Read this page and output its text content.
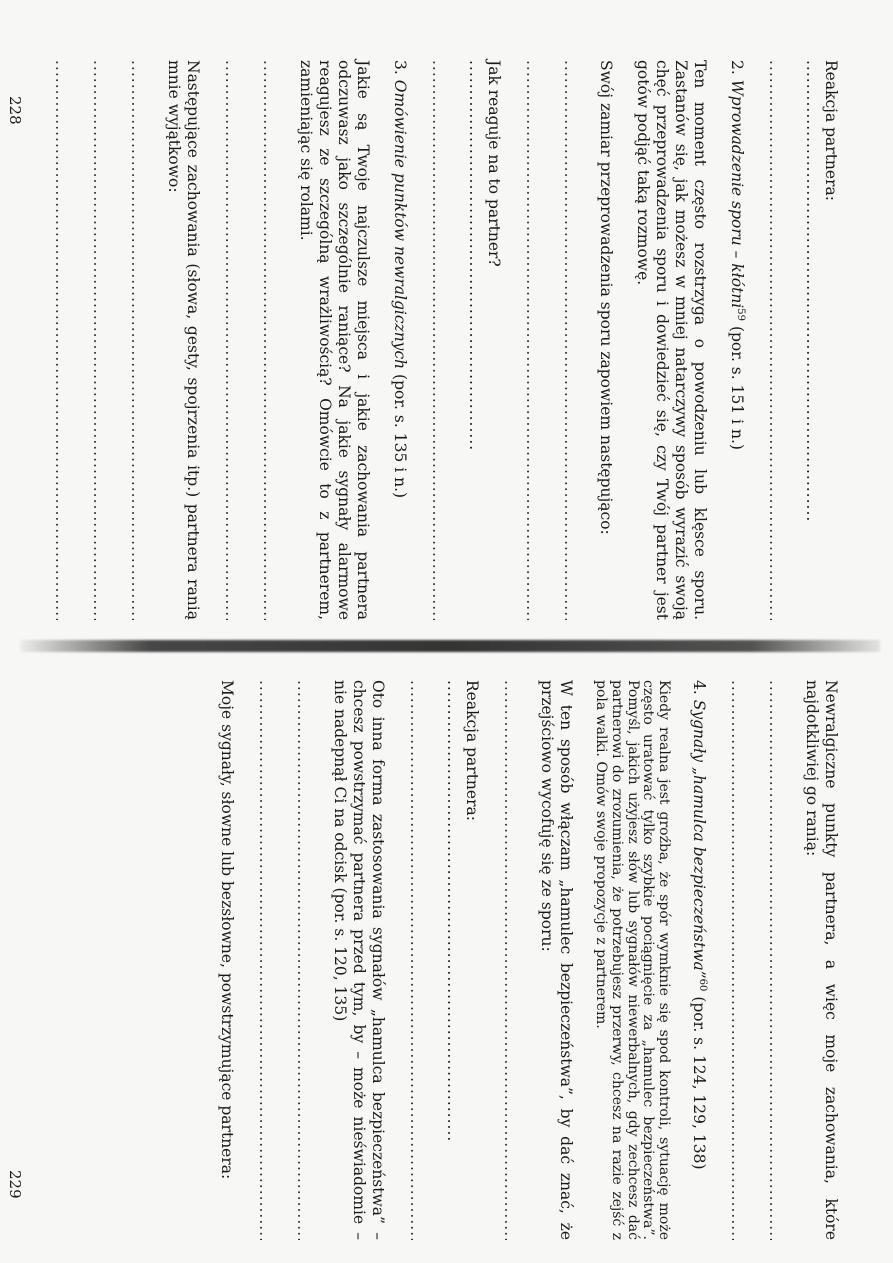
Reakcja partnera: .....
.....
2. Wprowadzenie sporu – kłótni$^{59}$ (por. s. 151 i n.)
Ten moment często rozstrzyga o powodzeniu lub klęsce sporu. Zastanów się, jak możesz w mniej natarczywy sposób wyrazić swoją chęć przeprowadzenia sporu i dowiedzieć się, czy Twój partner jest gotów podjąć taką rozmowę.
Swój zamiar przeprowadzenia sporu zapowiem następująco:
.....
.....
Jak reaguje na to partner? .....
.....
3. Omówienie punktów newralgicznych (por. s. 135 i n.)
Jakie są Twoje najczulsze miejsca i jakie zachowania partnera odczuwasz jako szczególnie raniące? Na jakie sygnały alarmowe reagujesz ze szczególną wrażliwością? Omówcie to z partnerem, zamieniając się rolami.
.....
.....
Następujące zachowania (słowa, gesty, spojrzenia itp.) partnera ranią mnie wyjątkowo:
.....
.....
.....
228
Newralgiczne punkty partnera, a więc moje zachowania, które najdotkliwiej go ranią:
.....
.....
4. Sygnały „hamulca bezpieczeństwa”$^{60}$ (por. s. 124, 129, 138)
Kiedy realna jest groźba, że spór wymknie się spod kontroli, sytuację może często uratować tylko szybkie pociągnięcie za „hamulec bezpieczeństwa”. Pomyśl, jakich użyjesz słów lub sygnałów niewerbalnych, gdy zechcesz dać partnerowi do zrozumienia, że potrzebujesz przerwy, chcesz na razie zejść z pola walki. Omów swoje propozycje z partnerem.
W ten sposób włączam „hamulec bezpieczeństwa”, by dać znać, że przejściowo wycofuję się ze sporu:
.....
Reakcja partnera: .....
.....
Oto inna forma zastosowania sygnałów „hamulca bezpieczeństwa” – chcesz powstrzymać partnera przed tym, by – może nieświadomie – nie nadepnął Ci na odcisk (por. s. 120, 135)
.....
.....
Moje sygnały, słowne lub bezsłowne, powstrzymujące partnera:
229
